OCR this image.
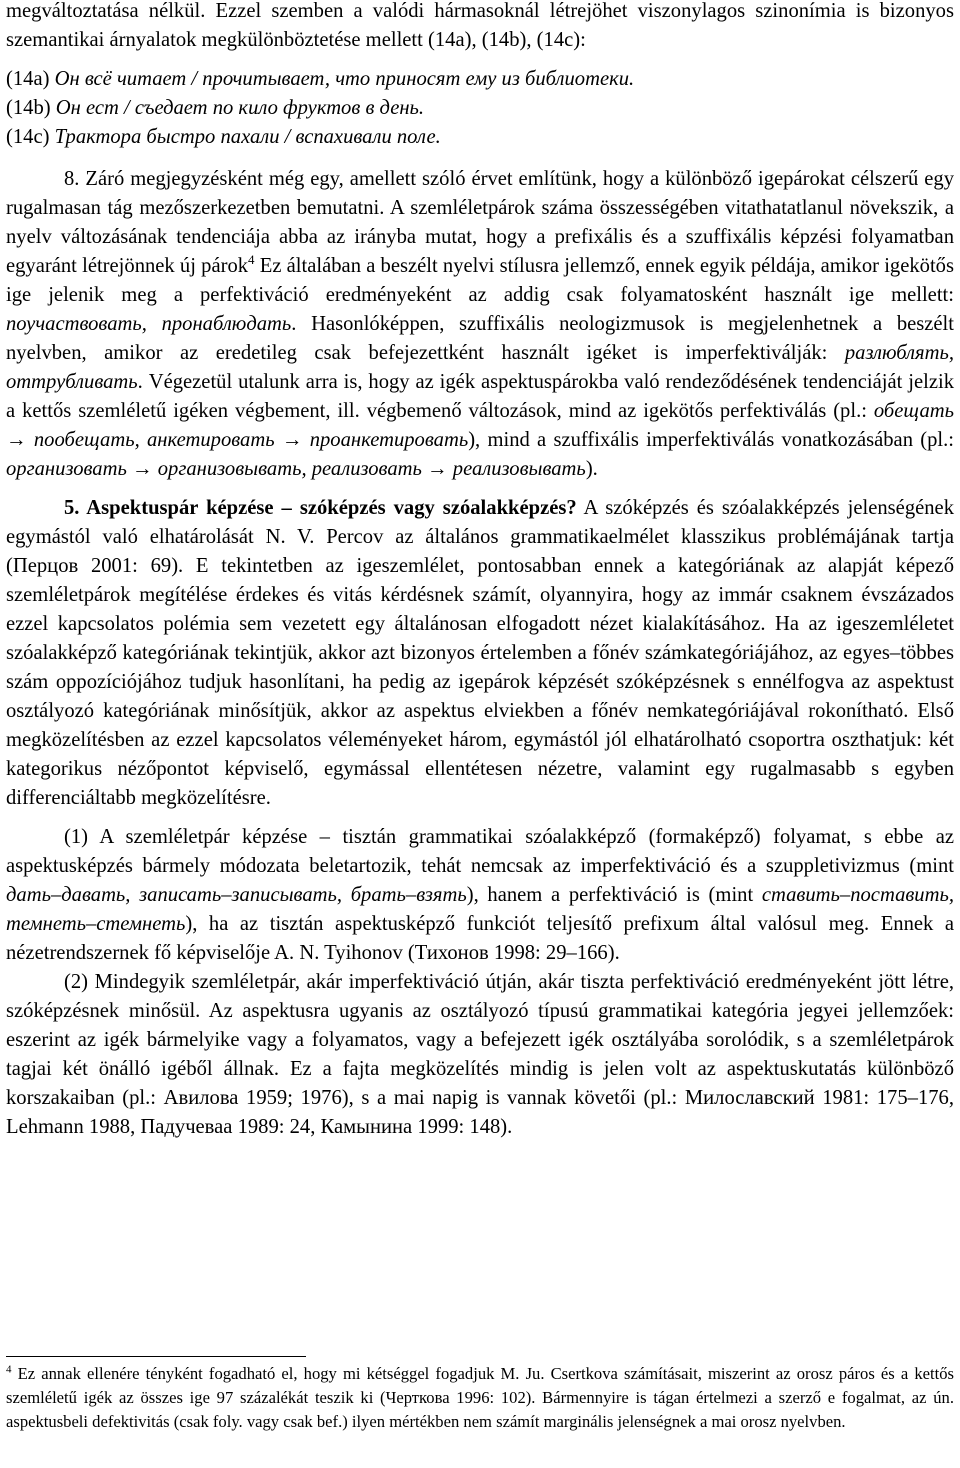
megváltoztatása nélkül. Ezzel szemben a valódi hármasoknál létrejöhet viszonylagos szinonímia is bizonyos szemantikai árnyalatok megkülönböztetése mellett (14a), (14b), (14c):

(14a) Он всё читает / прочитывает, что приносят ему из библиотеки.
(14b) Он ест / съедает по кило фруктов в день.
(14c) Трактора быстро пахали / вспахивали поле.

8. Záró megjegyzésként még egy, amellett szóló érvet említünk, hogy a különböző igepárokat célszerű egy rugalmasan tág mezőszerkezetben bemutatni. A szemléletpárok száma összességében vitathatatlanul növekszik, a nyelv változásának tendenciája abba az irányba mutat, hogy a prefixális és a szuffixális képzési folyamatban egyaránt létrejönnek új párok$^4$ Ez általában a beszélt nyelvi stílusra jellemző, ennek egyik példája, amikor igekötős ige jelenik meg a perfektiváció eredményeként az addig csak folyamatosként használt ige mellett: поучаствовать, пронаблюдать. Hasonlóképpen, szuffixális neologizmusok is megjelenhetnek a beszélt nyelvben, amikor az eredetileg csak befejezettként használt igéket is imperfektiválják: разлюблять, оттрубливать. Végezetül utalunk arra is, hogy az igék aspektuspárokba való rendeződésének tendenciáját jelzik a kettős szemléletű igéken végbement, ill. végbemenő változások, mind az igekötős perfektiválás (pl.: обещать → пообещать, анкетировать → проанкетировать), mind a szuffixális imperfektiválás vonatkozásában (pl.: организовать → организовывать, реализовать → реализовывать).

5. Aspektuspár képzése – szóképzés vagy szóalakképzés? A szóképzés és szóalakképzés jelenségének egymástól való elhatárolását N. V. Percov az általános grammatikaelmélet klasszikus problémájának tartja (Перцов 2001: 69). E tekintetben az igeszemlélet, pontosabban ennek a kategóriának az alapját képező szemléletpárok megítélése érdekes és vitás kérdésnek számít, olyannyira, hogy az immár csaknem évszázados ezzel kapcsolatos polémia sem vezetett egy általánosan elfogadott nézet kialakításához. Ha az igeszemléletet szóalakképző kategóriának tekintjük, akkor azt bizonyos értelemben a főnév számkategóriájához, az egyes–többes szám oppozíciójához tudjuk hasonlítani, ha pedig az igepárok képzését szóképzésnek s ennélfogva az aspektust osztályozó kategóriának minősítjük, akkor az aspektus elviekben a főnév nemkategóriájával rokonítható. Első megközelítésben az ezzel kapcsolatos véleményeket három, egymástól jól elhatárolható csoportra oszthatjuk: két kategorikus nézőpontot képviselő, egymással ellentétesen nézetre, valamint egy rugalmasabb s egyben differenciáltabb megközelítésre.

(1) A szemléletpár képzése – tisztán grammatikai szóalakképző (formaképző) folyamat, s ebbe az aspektusképzés bármely módozata beletartozik, tehát nemcsak az imperfektiváció és a szuppletivizmus (mint дать–давать, записать–записывать, брать–взять), hanem a perfektiváció is (mint ставить–поставить, темнеть–стемнеть), ha az tisztán aspektusképző funkciót teljesítő prefixum által valósul meg. Ennek a nézetrendszernek fő képviselője A. N. Tyihonov (Тихонов 1998: 29–166).

(2) Mindegyik szemléletpár, akár imperfektiváció útján, akár tiszta perfektiváció eredményeként jött létre, szóképzésnek minősül. Az aspektusra ugyanis az osztályozó típusú grammatikai kategória jegyei jellemzőek: eszerint az igék bármelyike vagy a folyamatos, vagy a befejezett igék osztályába sorolódik, s a szemléletpárok tagjai két önálló igéből állnak. Ez a fajta megközelítés mindig is jelen volt az aspektuskutatás különböző korszakaiban (pl.: Авилова 1959; 1976), s a mai napig is vannak követői (pl.: Милославский 1981: 175–176, Lehmann 1988, Падучеваа 1989: 24, Камынина 1999: 148).

$^4$ Ez annak ellenére tényként fogadható el, hogy mi kétséggel fogadjuk M. Ju. Csertkova számításait, miszerint az orosz páros és a kettős szemléletű igék az összes ige 97 százalékát teszik ki (Черткова 1996: 102). Bármennyire is tágan értelmezi a szerző e fogalmat, az ún. aspektusbeli defektivitás (csak foly. vagy csak bef.) ilyen mértékben nem számít marginális jelenségnek a mai orosz nyelvben.
